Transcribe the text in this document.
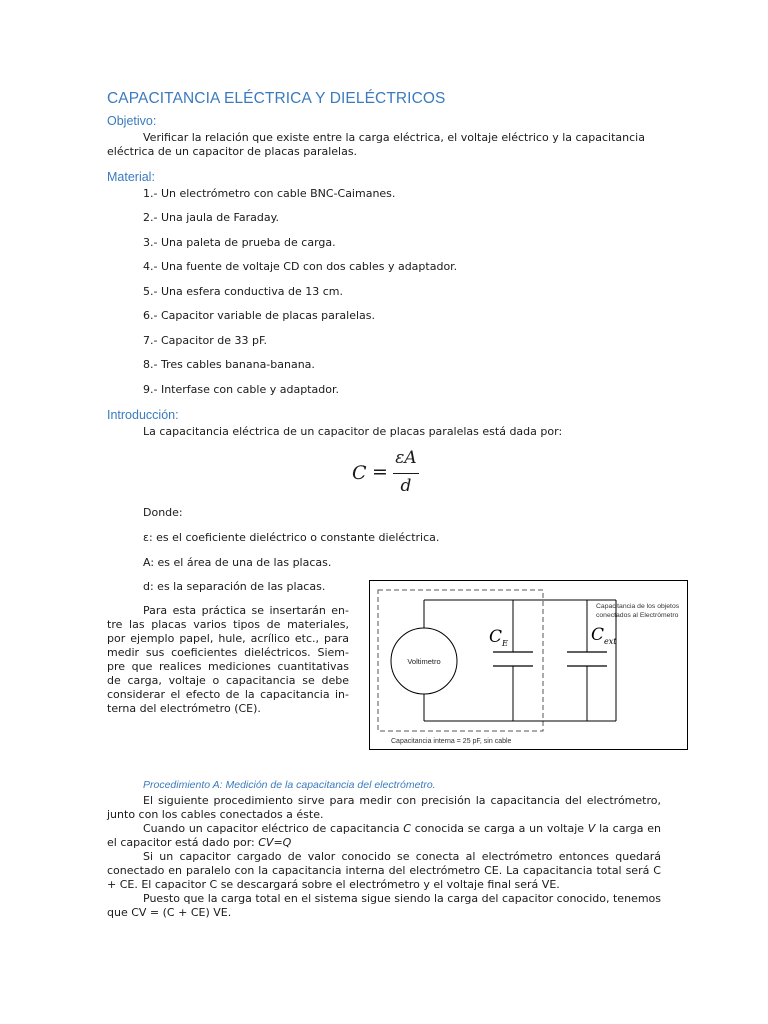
CAPACITANCIA ELÉCTRICA Y DIELÉCTRICOS
Objetivo:
Verificar la relación que existe entre la carga eléctrica, el voltaje eléctrico y la capacitancia
eléctrica de un capacitor de placas paralelas.
Material:
1.- Un electrómetro con cable BNC-Caimanes.
2.- Una jaula de Faraday.
3.- Una paleta de prueba de carga.
4.- Una fuente de voltaje CD con dos cables y adaptador.
5.- Una esfera conductiva de 13 cm.
6.- Capacitor variable de placas paralelas.
7.- Capacitor de 33 pF.
8.- Tres cables banana-banana.
9.- Interfase con cable y adaptador.
Introducción:
La capacitancia eléctrica de un capacitor de placas paralelas está dada por:
C =
εA
d
Donde:
ε: es el coeficiente dieléctrico o constante dieléctrica.
A: es el área de una de las placas.
d: es la separación de las placas.
Para esta práctica se insertarán en-
tre las placas varios tipos de materiales,
por ejemplo papel, hule, acrílico etc., para
medir sus coeficientes dieléctricos. Siem-
pre que realices mediciones cuantitativas
de carga, voltaje o capacitancia se debe
considerar el efecto de la capacitancia in-
terna del electrómetro (CE).
Voltimetro
C E	C ext
Capacitancia de los objetos
conectados al Electrómetro
Capacitancia interna = 25 pF, sin cable
Procedimiento A: Medición de la capacitancia del electrómetro.

El siguiente procedimiento sirve para medir con precisión la capacitancia del electrómetro, junto con los cables conectados a éste.

Cuando un capacitor eléctrico de capacitancia C conocida se carga a un voltaje V la carga en el capacitor está dado por: CV=Q

Si un capacitor cargado de valor conocido se conecta al electrómetro entonces quedará conectado en paralelo con la capacitancia interna del electrómetro CE. La capacitancia total será C + CE. El capacitor C se descargará sobre el electrómetro y el voltaje final será VE.

Puesto que la carga total en el sistema sigue siendo la carga del capacitor conocido, tenemos que CV = (C + CE) VE.
